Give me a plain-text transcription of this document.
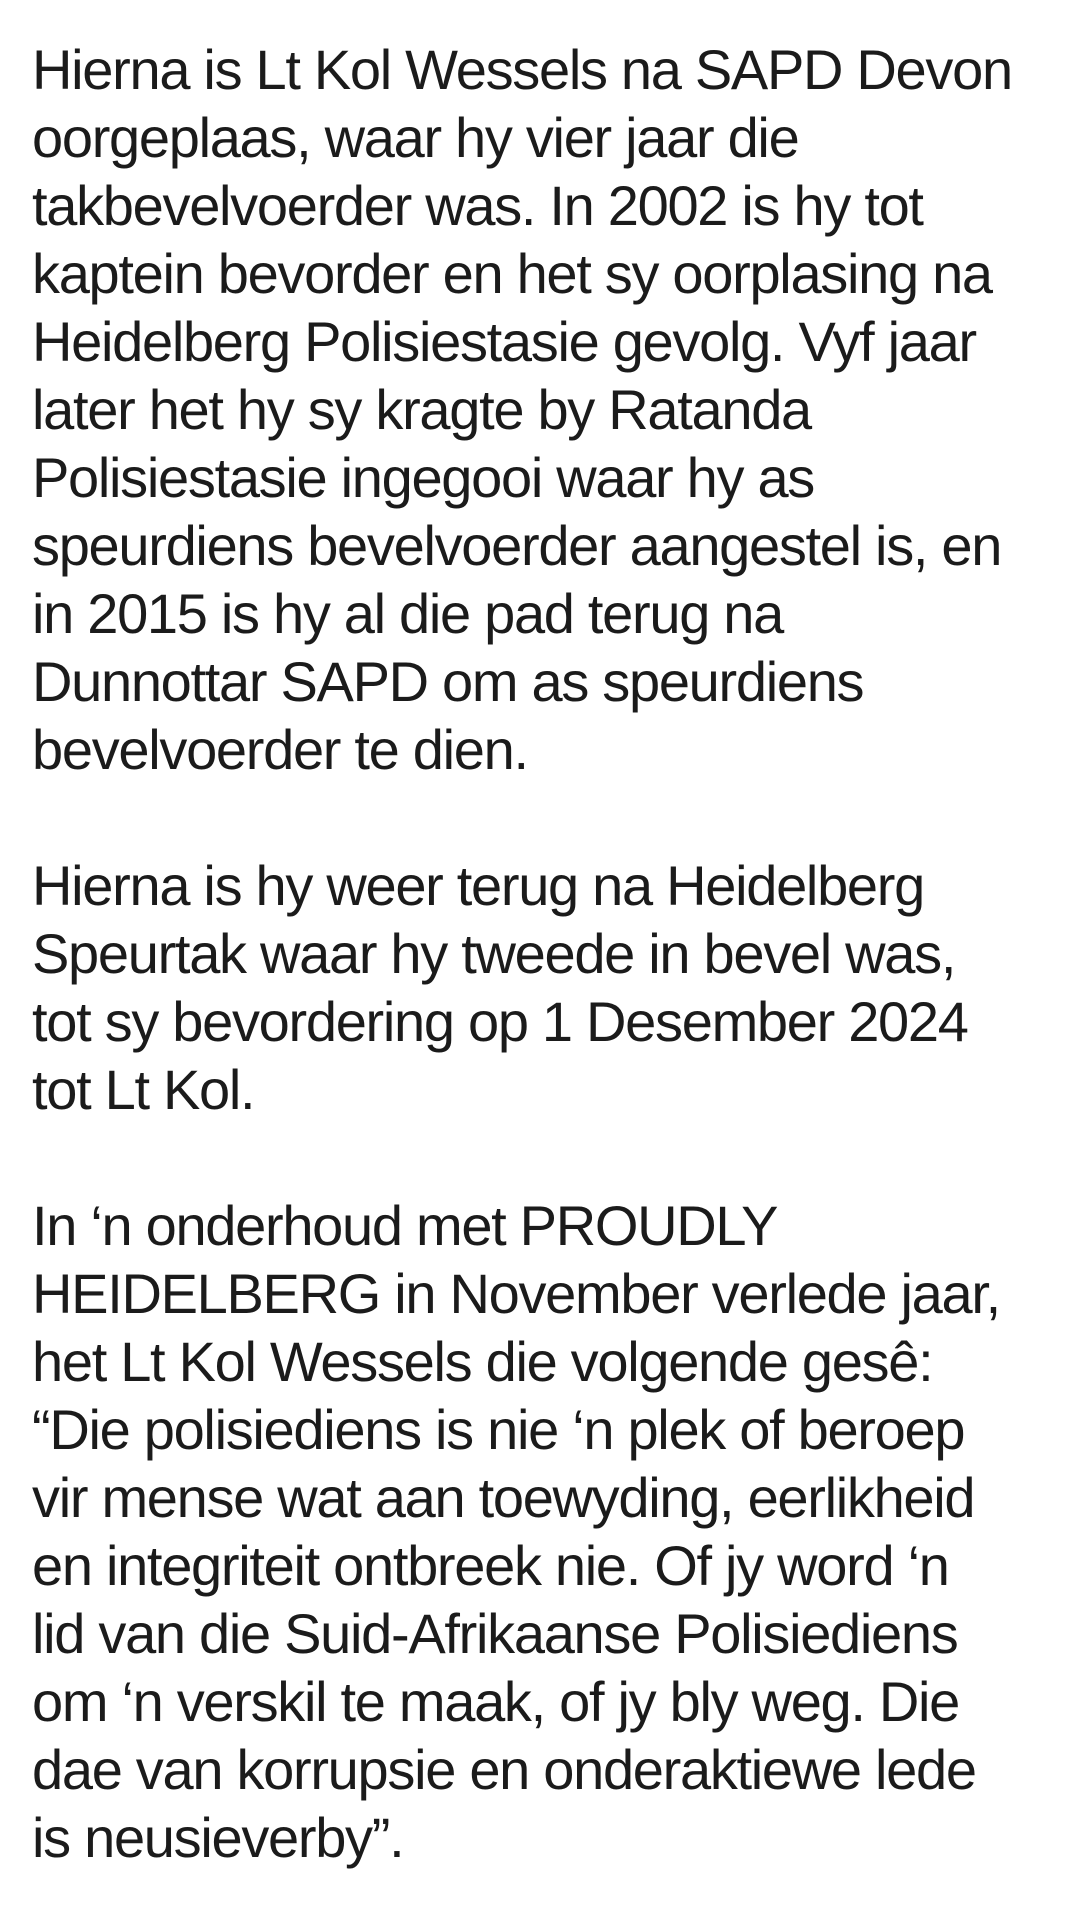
Hierna is Lt Kol Wessels na SAPD Devon
oorgeplaas, waar hy vier jaar die
takbevelvoerder was. In 2002 is hy tot
kaptein bevorder en het sy oorplasing na
Heidelberg Polisiestasie gevolg. Vyf jaar
later het hy sy kragte by Ratanda
Polisiestasie ingegooi waar hy as
speurdiens bevelvoerder aangestel is, en
in 2015 is hy al die pad terug na
Dunnottar SAPD om as speurdiens
bevelvoerder te dien.

Hierna is hy weer terug na Heidelberg
Speurtak waar hy tweede in bevel was,
tot sy bevordering op 1 Desember 2024
tot Lt Kol.

In ‘n onderhoud met PROUDLY
HEIDELBERG in November verlede jaar,
het Lt Kol Wessels die volgende gesê:
“Die polisiediens is nie ‘n plek of beroep
vir mense wat aan toewyding, eerlikheid
en integriteit ontbreek nie. Of jy word ‘n
lid van die Suid-Afrikaanse Polisiediens
om ‘n verskil te maak, of jy bly weg. Die
dae van korrupsie en onderaktiewe lede
is neusieverby”.
